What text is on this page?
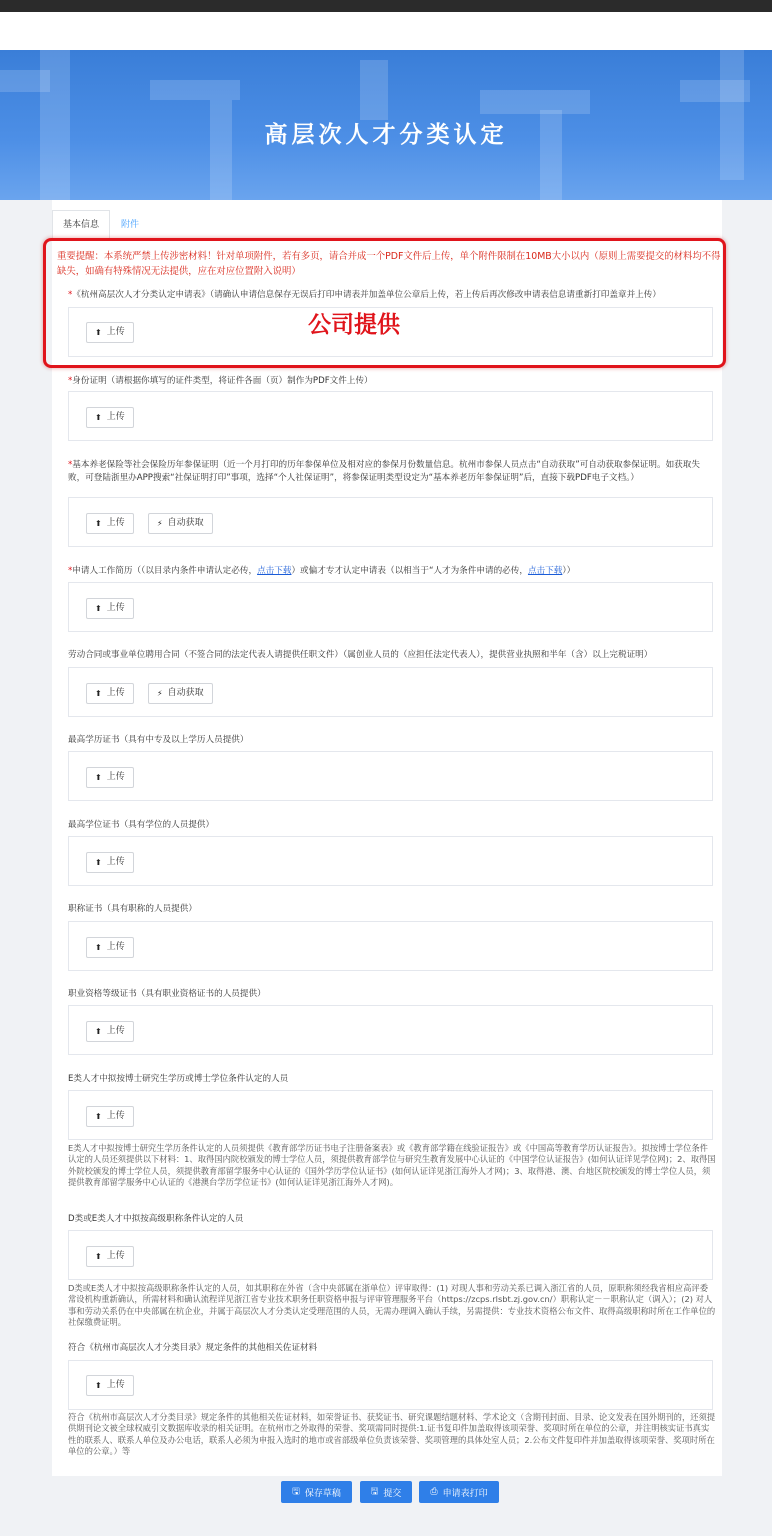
高层次人才分类认定
基本信息	附件
重要提醒：本系统严禁上传涉密材料！针对单项附件，若有多页，请合并成一个PDF文件后上传，单个附件限制在10MB大小以内（原则上需要提交的材料均不得缺失，如确有特殊情况无法提供，应在对应位置附入说明）
*《杭州高层次人才分类认定申请表》（请确认申请信息保存无误后打印申请表并加盖单位公章后上传，若上传后再次修改申请表信息请重新打印盖章并上传）
⬆ 上传	公司提供
*身份证明（请根据你填写的证件类型，将证件各面（页）制作为PDF文件上传）
⬆ 上传
*基本养老保险等社会保险历年参保证明（近一个月打印的历年参保单位及相对应的参保月份数量信息。杭州市参保人员点击“自动获取”可自动获取参保证明。如获取失败，可登陆浙里办APP搜索“社保证明打印”事项，选择“个人社保证明”，将参保证明类型设定为“基本养老历年参保证明”后，直接下载PDF电子文档。）
⬆ 上传	⚡ 自动获取
*申请人工作简历（（以目录内条件申请认定必传，点击下载）或偏才专才认定申请表（以相当于“人才为条件申请的必传，点击下载））
⬆ 上传
劳动合同或事业单位聘用合同（不签合同的法定代表人请提供任职文件）（属创业人员的（应担任法定代表人），提供营业执照和半年（含）以上完税证明）
⬆ 上传	⚡ 自动获取
最高学历证书（具有中专及以上学历人员提供）
⬆ 上传
最高学位证书（具有学位的人员提供）
⬆ 上传
职称证书（具有职称的人员提供）
⬆ 上传
职业资格等级证书（具有职业资格证书的人员提供）
⬆ 上传
E类人才中拟按博士研究生学历或博士学位条件认定的人员
⬆ 上传
E类人才中拟按博士研究生学历条件认定的人员须提供《教育部学历证书电子注册备案表》或《教育部学籍在线验证报告》或《中国高等教育学历认证报告》。拟按博士学位条件认定的人员还须提供以下材料：1、取得国内院校颁发的博士学位人员，须提供教育部学位与研究生教育发展中心认证的《中国学位认证报告》(如何认证详见学位网)；2、取得国外院校颁发的博士学位人员，须提供教育部留学服务中心认证的《国外学历学位认证书》(如何认证详见浙江海外人才网)；3、取得港、澳、台地区院校颁发的博士学位人员，须提供教育部留学服务中心认证的《港澳台学历学位证书》(如何认证详见浙江海外人才网)。
D类或E类人才中拟按高级职称条件认定的人员
⬆ 上传
D类或E类人才中拟按高级职称条件认定的人员，如其职称在外省（含中央部属在浙单位）评审取得：(1) 对现人事和劳动关系已调入浙江省的人员，原职称须经我省相应高评委常设机构重新确认，所需材料和确认流程详见浙江省专业技术职务任职资格申报与评审管理服务平台（https://zcps.rlsbt.zj.gov.cn/）职称认定－－职称认定（调入）；(2) 对人事和劳动关系仍在中央部属在杭企业，并属于高层次人才分类认定受理范围的人员，无需办理调入确认手续，另需提供：专业技术资格公布文件、取得高级职称时所在工作单位的社保缴费证明。
符合《杭州市高层次人才分类目录》规定条件的其他相关佐证材料
⬆ 上传
符合《杭州市高层次人才分类目录》规定条件的其他相关佐证材料，如荣誉证书、获奖证书、研究课题结题材料、学术论文（含期刊封面、目录、论文发表在国外期刊的，还须提供期刊论文被全球权威引文数据库收录的相关证明。在杭州市之外取得的荣誉、奖项需同时提供:1.证书复印件加盖取得该项荣誉、奖项时所在单位的公章，并注明核实证书真实性的联系人、联系人单位及办公电话，联系人必须为申报入选时的地市或省部级单位负责该荣誉、奖项管理的具体处室人员；2.公布文件复印件并加盖取得该项荣誉、奖项时所在单位的公章。）等
🖫 保存草稿	🖫 提交	⎙ 申请表打印
